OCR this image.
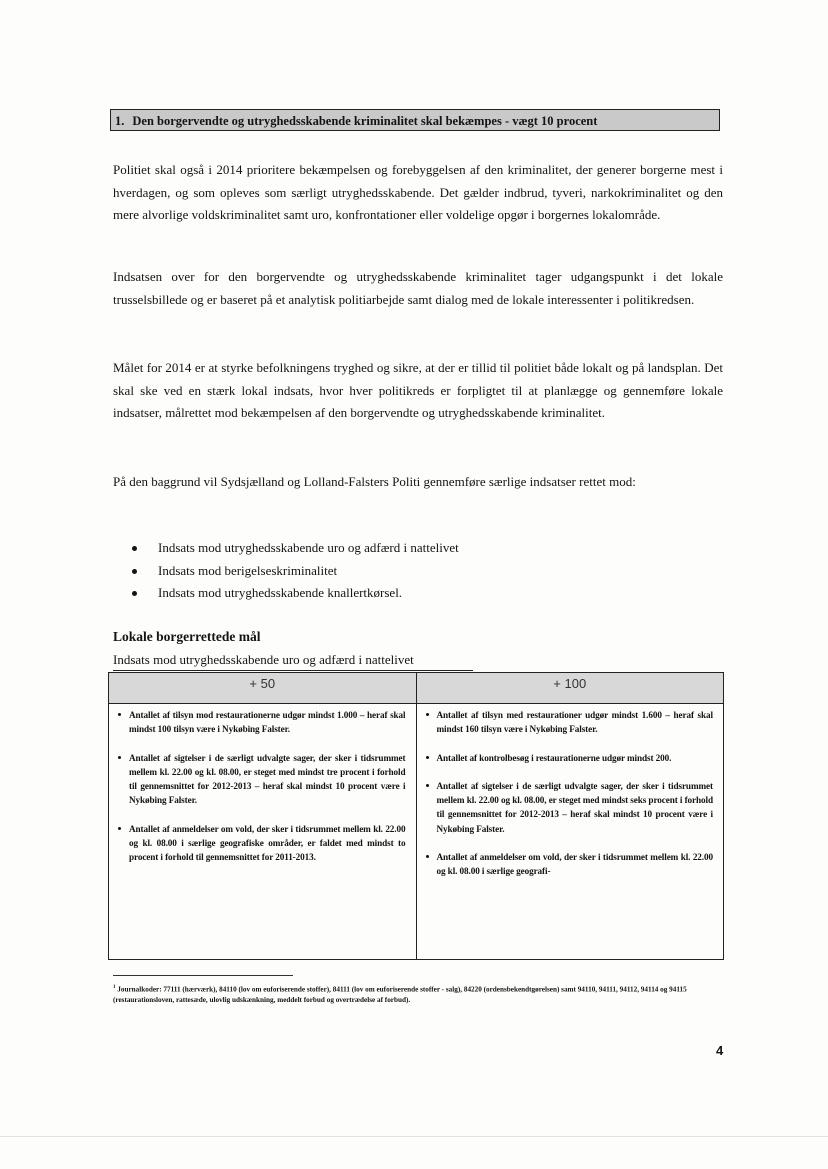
1. Den borgervendte og utryghedsskabende kriminalitet skal bekæmpes - vægt 10 procent

Politiet skal også i 2014 prioritere bekæmpelsen og forebyggelsen af den kriminalitet, der generer borgerne mest i hverdagen, og som opleves som særligt utryghedsskabende. Det gælder indbrud, tyveri, narkokriminalitet og den mere alvorlige voldskriminalitet samt uro, konfrontationer eller voldelige opgør i borgernes lokalområde.

Indsatsen over for den borgervendte og utryghedsskabende kriminalitet tager udgangspunkt i det lokale trusselsbillede og er baseret på et analytisk politiarbejde samt dialog med de lokale interessenter i politikredsen.

Målet for 2014 er at styrke befolkningens tryghed og sikre, at der er tillid til politiet både lokalt og på landsplan. Det skal ske ved en stærk lokal indsats, hvor hver politikreds er forpligtet til at planlægge og gennemføre lokale indsatser, målrettet mod bekæmpelsen af den borgervendte og utryghedsskabende kriminalitet.

På den baggrund vil Sydsjælland og Lolland-Falsters Politi gennemføre særlige indsatser rettet mod:

Indsats mod utryghedsskabende uro og adfærd i nattelivet
Indsats mod berigelseskriminalitet
Indsats mod utryghedsskabende knallertkørsel.
Lokale borgerrettede mål
Indsats mod utryghedsskabende uro og adfærd i nattelivet
+ 50	+ 100
Antallet af tilsyn mod restaurationerne udgør mindst 1.000 – heraf skal mindst 100 tilsyn være i Nykøbing Falster.
Antallet af sigtelser i de særligt udvalgte sager, der sker i tidsrummet mellem kl. 22.00 og kl. 08.00, er steget med mindst tre procent i forhold til gennemsnittet for 2012-2013 – heraf skal mindst 10 procent være i Nykøbing Falster.
Antallet af anmeldelser om vold, der sker i tidsrummet mellem kl. 22.00 og kl. 08.00 i særlige geografiske områder, er faldet med mindst to procent i forhold til gennemsnittet for 2011-2013.
Antallet af tilsyn med restaurationer udgør mindst 1.600 – heraf skal mindst 160 tilsyn være i Nykøbing Falster.
Antallet af kontrolbesøg i restaurationerne udgør mindst 200.
Antallet af sigtelser i de særligt udvalgte sager, der sker i tidsrummet mellem kl. 22.00 og kl. 08.00, er steget med mindst seks procent i forhold til gennemsnittet for 2012-2013 – heraf skal mindst 10 procent være i Nykøbing Falster.
Antallet af anmeldelser om vold, der sker i tidsrummet mellem kl. 22.00 og kl. 08.00 i særlige geografi-
$^1$ Journalkoder: 77111 (hærværk), 84110 (lov om euforiserende stoffer), 84111 (lov om euforiserende stoffer - salg), 84220 (ordensbekendtgørelsen) samt 94110, 94111, 94112, 94114 og 94115 (restaurationsloven, rattesæde, ulovlig udskænkning, meddelt forbud og overtrædelse af forbud).
4
